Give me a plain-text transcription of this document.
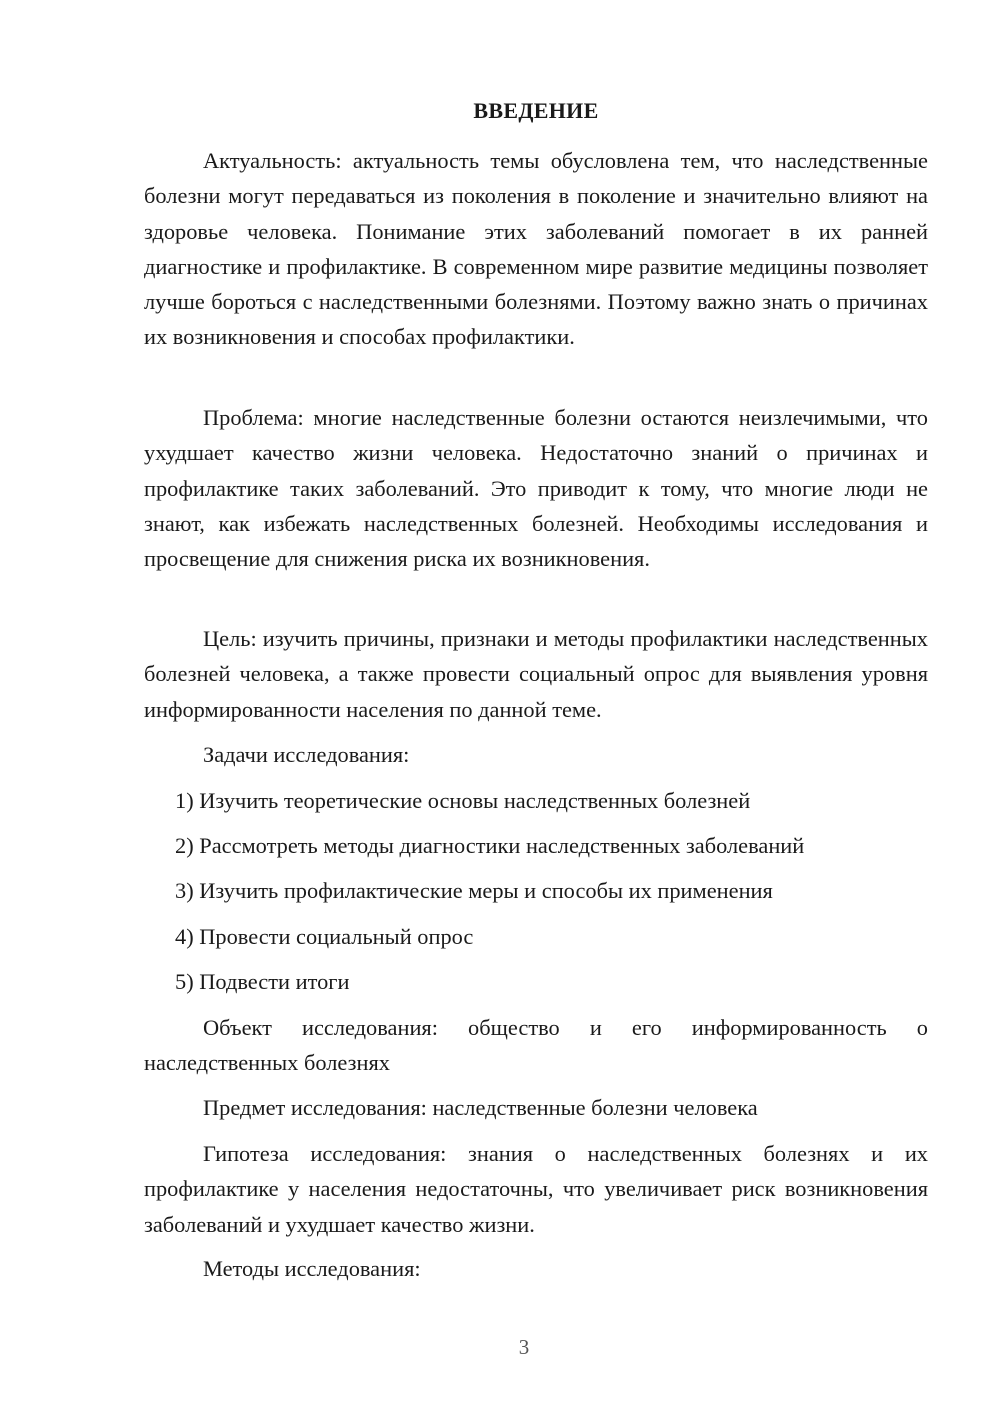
ВВЕДЕНИЕ

Актуальность: актуальность темы обусловлена тем, что наследственные болезни могут передаваться из поколения в поколение и значительно влияют на здоровье человека. Понимание этих заболеваний помогает в их ранней диагностике и профилактике. В современном мире развитие медицины позволяет лучше бороться с наследственными болезнями. Поэтому важно знать о причинах их возникновения и способах профилактики.

Проблема: многие наследственные болезни остаются неизлечимыми, что ухудшает качество жизни человека. Недостаточно знаний о причинах и профилактике таких заболеваний. Это приводит к тому, что многие люди не знают, как избежать наследственных болезней. Необходимы исследования и просвещение для снижения риска их возникновения.

Цель: изучить причины, признаки и методы профилактики наследственных болезней человека, а также провести социальный опрос для выявления уровня информированности населения по данной теме.

Задачи исследования:

1) Изучить теоретические основы наследственных болезней

2) Рассмотреть методы диагностики наследственных заболеваний

3) Изучить профилактические меры и способы их применения

4) Провести социальный опрос

5) Подвести итоги

Объект исследования: общество и его информированность о наследственных болезнях

Предмет исследования: наследственные болезни человека

Гипотеза исследования: знания о наследственных болезнях и их профилактике у населения недостаточны, что увеличивает риск возникновения заболеваний и ухудшает качество жизни.

Методы исследования:

3
